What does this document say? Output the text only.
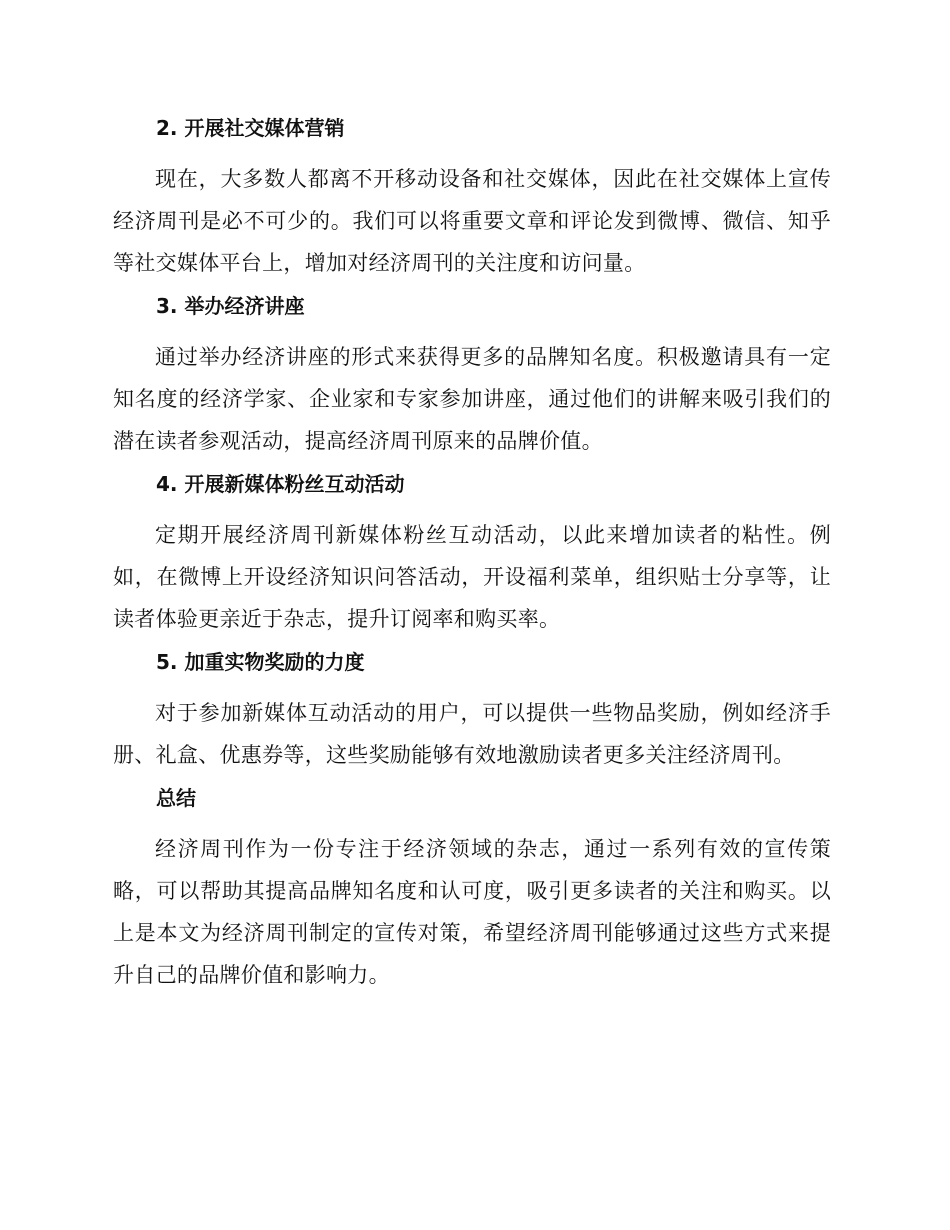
2. 开展社交媒体营销

现在，大多数人都离不开移动设备和社交媒体，因此在社交媒体上宣传经济周刊是必不可少的。我们可以将重要文章和评论发到微博、微信、知乎等社交媒体平台上，增加对经济周刊的关注度和访问量。

3. 举办经济讲座

通过举办经济讲座的形式来获得更多的品牌知名度。积极邀请具有一定知名度的经济学家、企业家和专家参加讲座，通过他们的讲解来吸引我们的潜在读者参观活动，提高经济周刊原来的品牌价值。

4. 开展新媒体粉丝互动活动

定期开展经济周刊新媒体粉丝互动活动，以此来增加读者的粘性。例如，在微博上开设经济知识问答活动，开设福利菜单，组织贴士分享等，让读者体验更亲近于杂志，提升订阅率和购买率。

5. 加重实物奖励的力度

对于参加新媒体互动活动的用户，可以提供一些物品奖励，例如经济手册、礼盒、优惠券等，这些奖励能够有效地激励读者更多关注经济周刊。

总结

经济周刊作为一份专注于经济领域的杂志，通过一系列有效的宣传策略，可以帮助其提高品牌知名度和认可度，吸引更多读者的关注和购买。以上是本文为经济周刊制定的宣传对策，希望经济周刊能够通过这些方式来提升自己的品牌价值和影响力。
